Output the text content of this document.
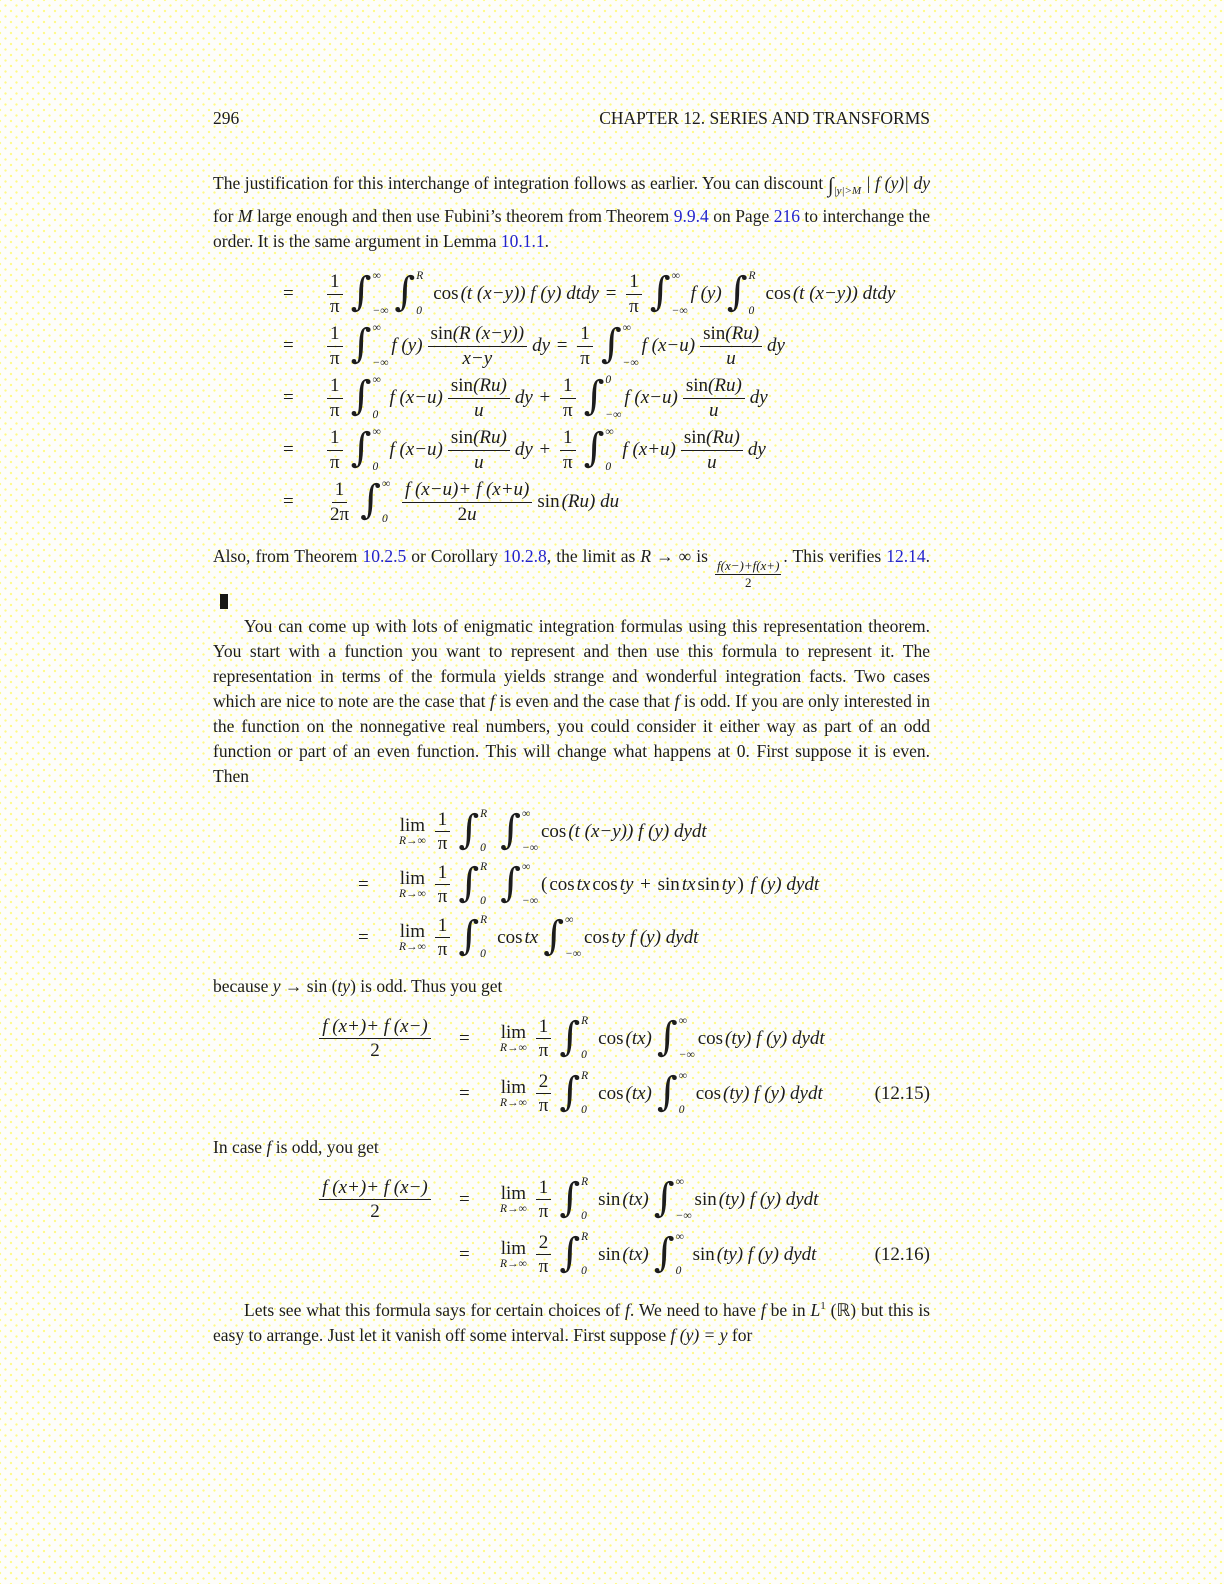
296	CHAPTER 12. SERIES AND TRANSFORMS

The justification for this interchange of integration follows as earlier. You can discount $\int_{|y|>M}$ | f (y)| dy for M large enough and then use Fubini’s theorem from Theorem 9.9.4 on Page 216 to interchange the order. It is the same argument in Lemma 10.1.1.

=	$\frac{1}{\pi}$ ∫ ∞
−∞ ∫ R
0
cos (t (x−y)) f (y) dtdy = $\frac{1}{\pi}$ ∫ ∞
−∞
f (y) ∫ R
0
cos (t (x−y)) dtdy
=	$\frac{1}{\pi}$ ∫ ∞
−∞
f $(y) \frac{\sin (R (x-y))}{x-y}$ dy = $\frac{1}{\pi}$ ∫ ∞
−∞
f $(x-u) \frac{\sin (Ru)}{u}$ dy
=	$\frac{1}{\pi}$ ∫ ∞
0
f $(x-u) \frac{\sin (Ru)}{u}$ dy + $\frac{1}{\pi}$ ∫ 0
−∞
f $(x-u) \frac{\sin (Ru)}{u}$ dy
=	$\frac{1}{\pi}$ ∫ ∞
0
f $(x-u) \frac{\sin (Ru)}{u}$ dy + $\frac{1}{\pi}$ ∫ ∞
0
f $(x+u) \frac{\sin (Ru)}{u}$ dy
=	$\frac{1}{2\pi}$ ∫ ∞
$0 \frac{f (x-u)+ f (x+u)}{2 u}$ sin (Ru) du

Also, from Theorem 10.2.5 or Corollary 10.2.8, the limit as R → ∞ is
$\frac{f(x-)+f(x+)}{2}$
. This verifies 12.14.

You can come up with lots of enigmatic integration formulas using this representation theorem. You start with a function you want to represent and then use this formula to represent it. The representation in terms of the formula yields strange and wonderful integration facts. Two cases which are nice to note are the case that f is even and the case that f is odd. If you are only interested in the function on the nonnegative real numbers, you could consider it either way as part of an odd function or part of an even function. This will change what happens at 0. First suppose it is even. Then

lim
$R\to\infty \frac{1}{\pi}$ ∫ R
0 ∫ ∞
−∞
cos (t (x−y)) f (y) dydt
=	lim
$R\to\infty \frac{1}{\pi}$ ∫ R
0 ∫ ∞
−∞
( cos tx cos ty + sin tx sin ty ) f (y) dydt
=	lim
$R\to\infty \frac{1}{\pi}$ ∫ R
0
cos tx ∫ ∞
−∞
cos ty f (y) dydt

because y → sin (ty) is odd. Thus you get

$\frac{f (x+)+ f (x-)}{2}$ =	lim
$R\to\infty \frac{1}{\pi}$ ∫ R
0
cos (tx) ∫ ∞
−∞
cos (ty) f (y) dydt
=	lim
$R\to\infty \frac{2}{\pi}$ ∫ R
0
cos (tx) ∫ ∞
0
cos (ty) f (y) dydt	(12.15)

In case f is odd, you get

$\frac{f (x+)+ f (x-)}{2}$ =	lim
$R\to\infty \frac{1}{\pi}$ ∫ R
0
sin (tx) ∫ ∞
−∞
sin (ty) f (y) dydt
=	lim
$R\to\infty \frac{2}{\pi}$ ∫ R
0
sin (tx) ∫ ∞
0
sin (ty) f (y) dydt	(12.16)

Lets see what this formula says for certain choices of f. We need to have f be in $L^1$ (ℝ) but this is easy to arrange. Just let it vanish off some interval. First suppose f (y) = y for
